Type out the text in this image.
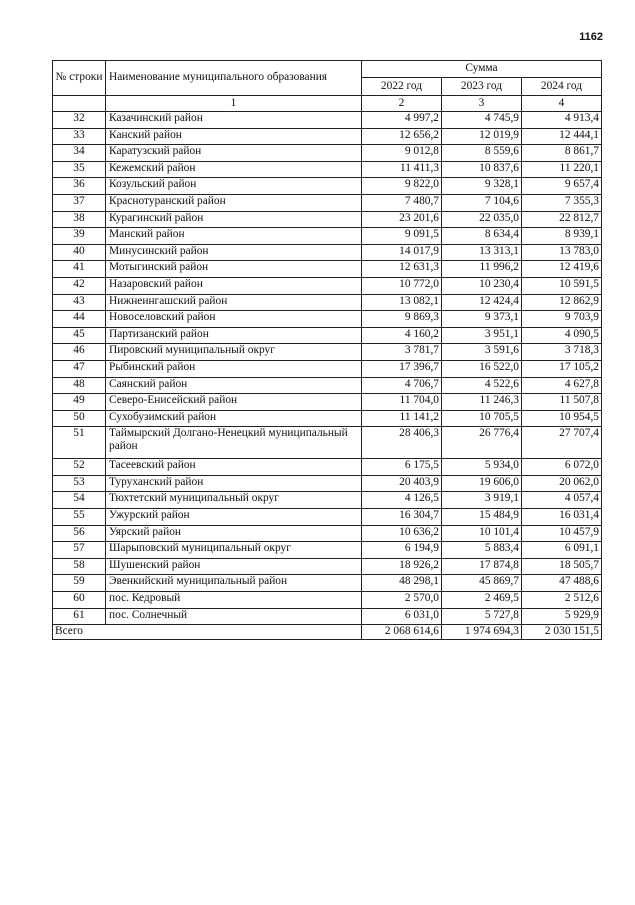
1162
№ строки	Наименование муниципального образования	Сумма		
		2022 год	2023 год	2024 год
	1	2	3	4
32	Казачинский район	4 997,2	4 745,9	4 913,4
33	Канский район	12 656,2	12 019,9	12 444,1
34	Каратузский район	9 012,8	8 559,6	8 861,7
35	Кежемский район	11 411,3	10 837,6	11 220,1
36	Козульский район	9 822,0	9 328,1	9 657,4
37	Краснотуранский район	7 480,7	7 104,6	7 355,3
38	Курагинский район	23 201,6	22 035,0	22 812,7
39	Манский район	9 091,5	8 634,4	8 939,1
40	Минусинский район	14 017,9	13 313,1	13 783,0
41	Мотыгинский район	12 631,3	11 996,2	12 419,6
42	Назаровский район	10 772,0	10 230,4	10 591,5
43	Нижнеингашский район	13 082,1	12 424,4	12 862,9
44	Новоселовский район	9 869,3	9 373,1	9 703,9
45	Партизанский район	4 160,2	3 951,1	4 090,5
46	Пировский муниципальный округ	3 781,7	3 591,6	3 718,3
47	Рыбинский район	17 396,7	16 522,0	17 105,2
48	Саянский район	4 706,7	4 522,6	4 627,8
49	Северо-Енисейский район	11 704,0	11 246,3	11 507,8
50	Сухобузимский район	11 141,2	10 705,5	10 954,5
51	Таймырский Долгано-Ненецкий муниципальный район	28 406,3	26 776,4	27 707,4
52	Тасеевский район	6 175,5	5 934,0	6 072,0
53	Туруханский район	20 403,9	19 606,0	20 062,0
54	Тюхтетский муниципальный округ	4 126,5	3 919,1	4 057,4
55	Ужурский район	16 304,7	15 484,9	16 031,4
56	Уярский район	10 636,2	10 101,4	10 457,9
57	Шарыповский муниципальный округ	6 194,9	5 883,4	6 091,1
58	Шушенский район	18 926,2	17 874,8	18 505,7
59	Эвенкийский муниципальный район	48 298,1	45 869,7	47 488,6
60	пос. Кедровый	2 570,0	2 469,5	2 512,6
61	пос. Солнечный	6 031,0	5 727,8	5 929,9
Всего		2 068 614,6	1 974 694,3	2 030 151,5
